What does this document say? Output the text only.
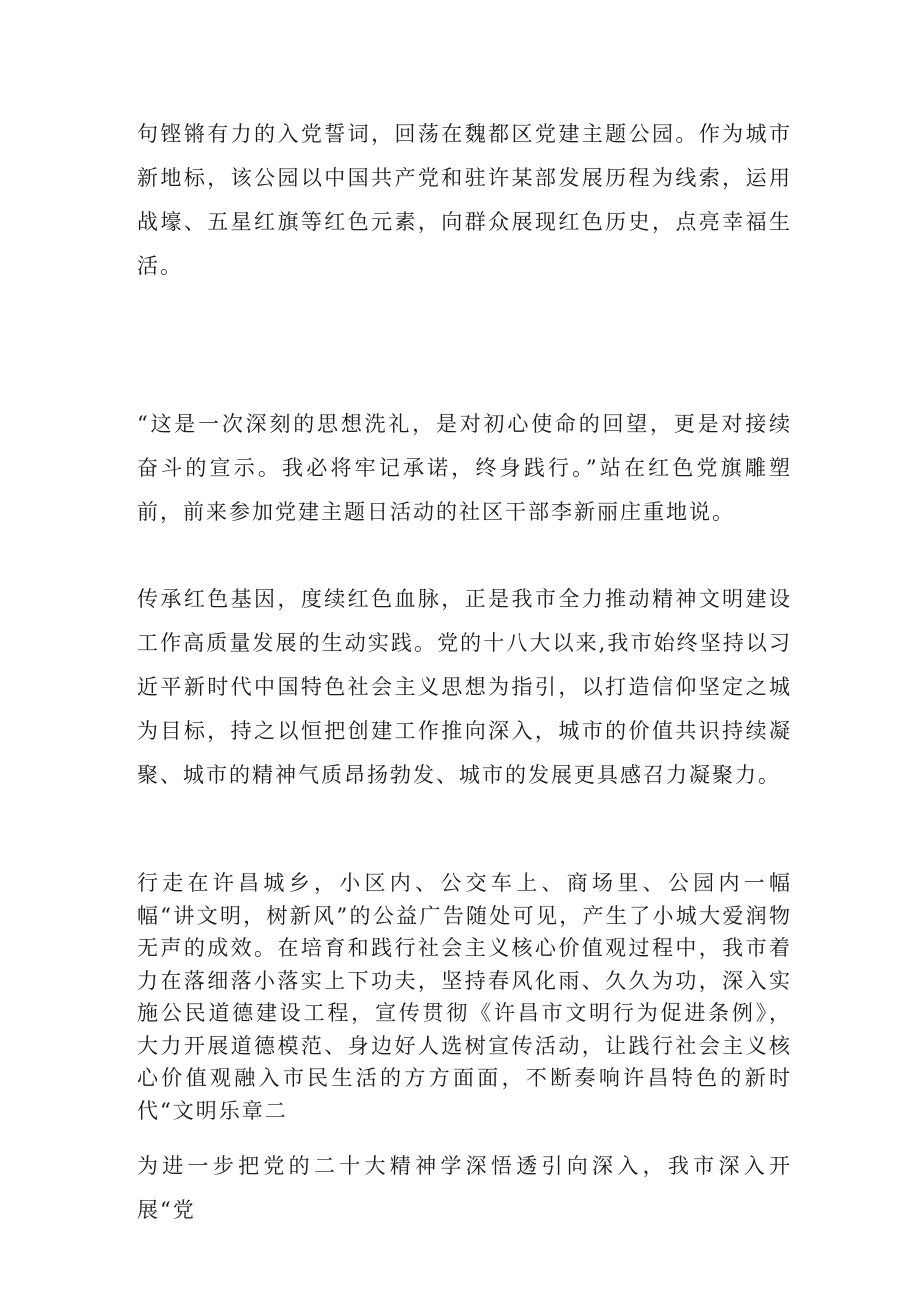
句铿锵有力的入党誓词，回荡在魏都区党建主题公园。作为城市新地标，该公园以中国共产党和驻许某部发展历程为线索，运用战壕、五星红旗等红色元素，向群众展现红色历史，点亮幸福生活。

“这是一次深刻的思想洗礼，是对初心使命的回望，更是对接续奋斗的宣示。我必将牢记承诺，终身践行。”站在红色党旗雕塑前，前来参加党建主题日活动的社区干部李新丽庄重地说。

传承红色基因，度续红色血脉，正是我市全力推动精神文明建设工作高质量发展的生动实践。党的十八大以来,我市始终坚持以习近平新时代中国特色社会主义思想为指引，以打造信仰坚定之城为目标，持之以恒把创建工作推向深入，城市的价值共识持续凝聚、城市的精神气质昂扬勃发、城市的发展更具感召力凝聚力。

行走在许昌城乡，小区内、公交车上、商场里、公园内一幅幅“讲文明，树新风”的公益广告随处可见，产生了小城大爱润物无声的成效。在培育和践行社会主义核心价值观过程中，我市着力在落细落小落实上下功夫，坚持春风化雨、久久为功，深入实施公民道德建设工程，宣传贯彻《许昌市文明行为促进条例》，大力开展道德模范、身边好人选树宣传活动，让践行社会主义核心价值观融入市民生活的方方面面，不断奏响许昌特色的新时代“文明乐章二

为进一步把党的二十大精神学深悟透引向深入，我市深入开展“党
